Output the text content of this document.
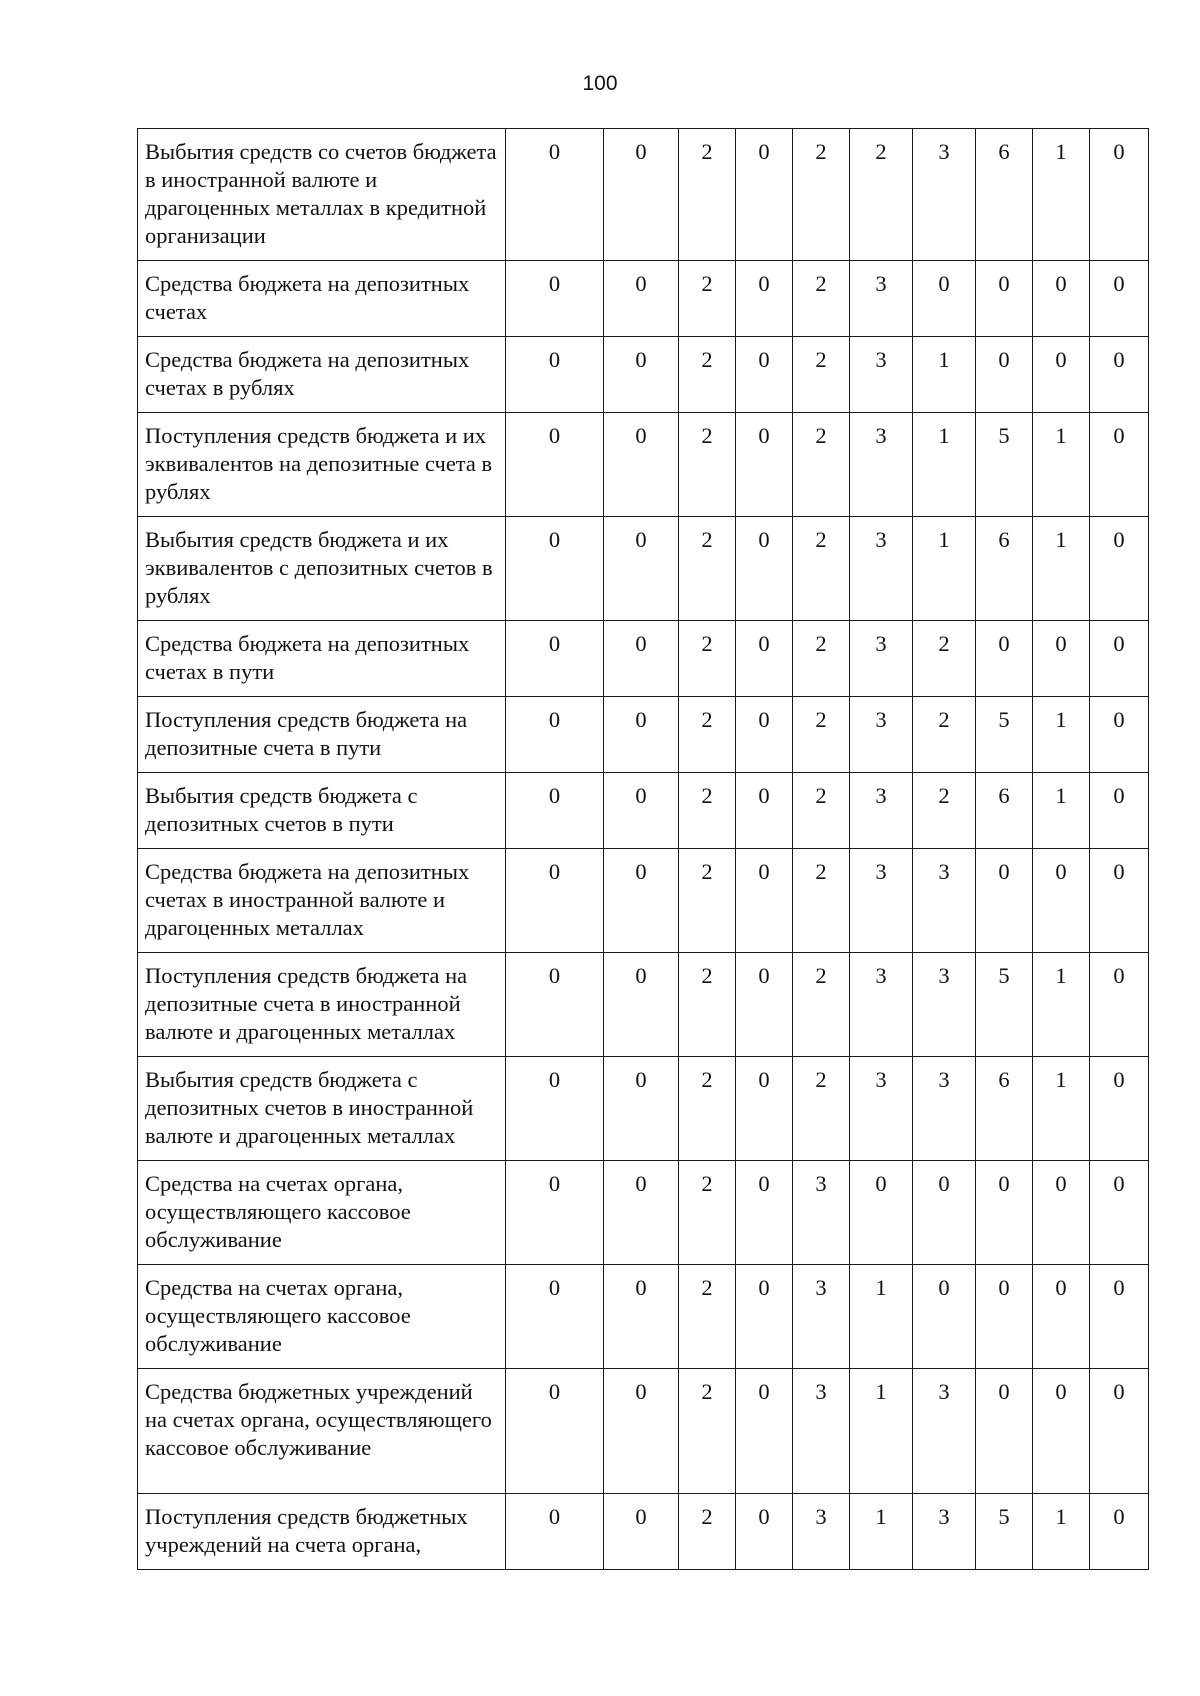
100
Выбытия средств со счетов бюджета в иностранной валюте и драгоценных металлах в кредитной организации	0	0	2	0	2	2	3	6	1	0
Средства бюджета на депозитных счетах	0	0	2	0	2	3	0	0	0	0
Средства бюджета на депозитных счетах в рублях	0	0	2	0	2	3	1	0	0	0
Поступления средств бюджета и их эквивалентов на депозитные счета в рублях	0	0	2	0	2	3	1	5	1	0
Выбытия средств бюджета и их эквивалентов с депозитных счетов в рублях	0	0	2	0	2	3	1	6	1	0
Средства бюджета на депозитных счетах в пути	0	0	2	0	2	3	2	0	0	0
Поступления средств бюджета на депозитные счета в пути	0	0	2	0	2	3	2	5	1	0
Выбытия средств бюджета с депозитных счетов в пути	0	0	2	0	2	3	2	6	1	0
Средства бюджета на депозитных счетах в иностранной валюте и драгоценных металлах	0	0	2	0	2	3	3	0	0	0
Поступления средств бюджета на депозитные счета в иностранной валюте и драгоценных металлах	0	0	2	0	2	3	3	5	1	0
Выбытия средств бюджета с депозитных счетов в иностранной валюте и драгоценных металлах	0	0	2	0	2	3	3	6	1	0
Средства на счетах органа, осуществляющего кассовое обслуживание	0	0	2	0	3	0	0	0	0	0
Средства на счетах органа, осуществляющего кассовое обслуживание	0	0	2	0	3	1	0	0	0	0
Средства бюджетных учреждений на счетах органа, осуществляющего кассовое обслуживание	0	0	2	0	3	1	3	0	0	0
Поступления средств бюджетных учреждений на счета органа,	0	0	2	0	3	1	3	5	1	0
